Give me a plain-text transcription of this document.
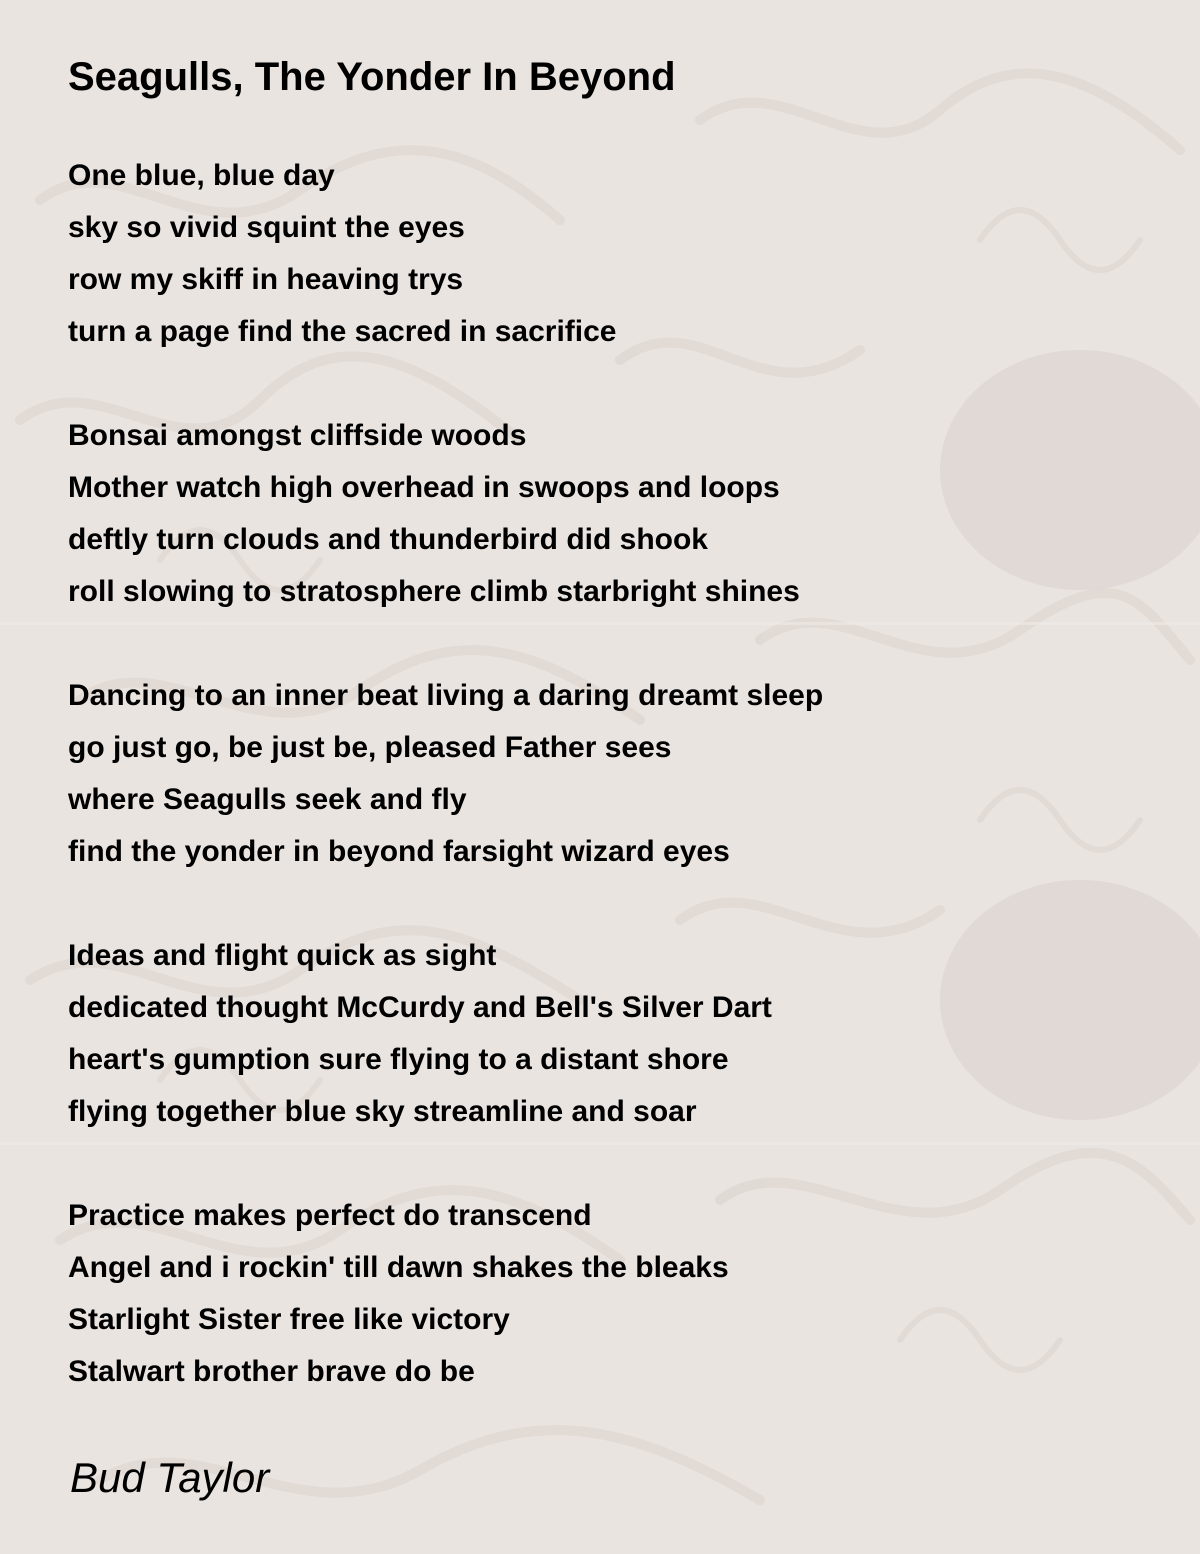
Seagulls, The Yonder In Beyond
One blue, blue day
sky so vivid squint the eyes
row my skiff in heaving trys
turn a page find the sacred in sacrifice
Bonsai amongst cliffside woods
Mother watch high overhead in swoops and loops
deftly turn clouds and thunderbird did shook
roll slowing to stratosphere climb starbright shines
Dancing to an inner beat living a daring dreamt sleep
go just go, be just be, pleased Father sees
where Seagulls seek and fly
find the yonder in beyond farsight wizard eyes
Ideas and flight quick as sight
dedicated thought McCurdy and Bell's Silver Dart
heart's gumption sure flying to a distant shore
flying together blue sky streamline and soar
Practice makes perfect do transcend
Angel and i rockin' till dawn shakes the bleaks
Starlight Sister free like victory
Stalwart brother brave do be
Bud Taylor
